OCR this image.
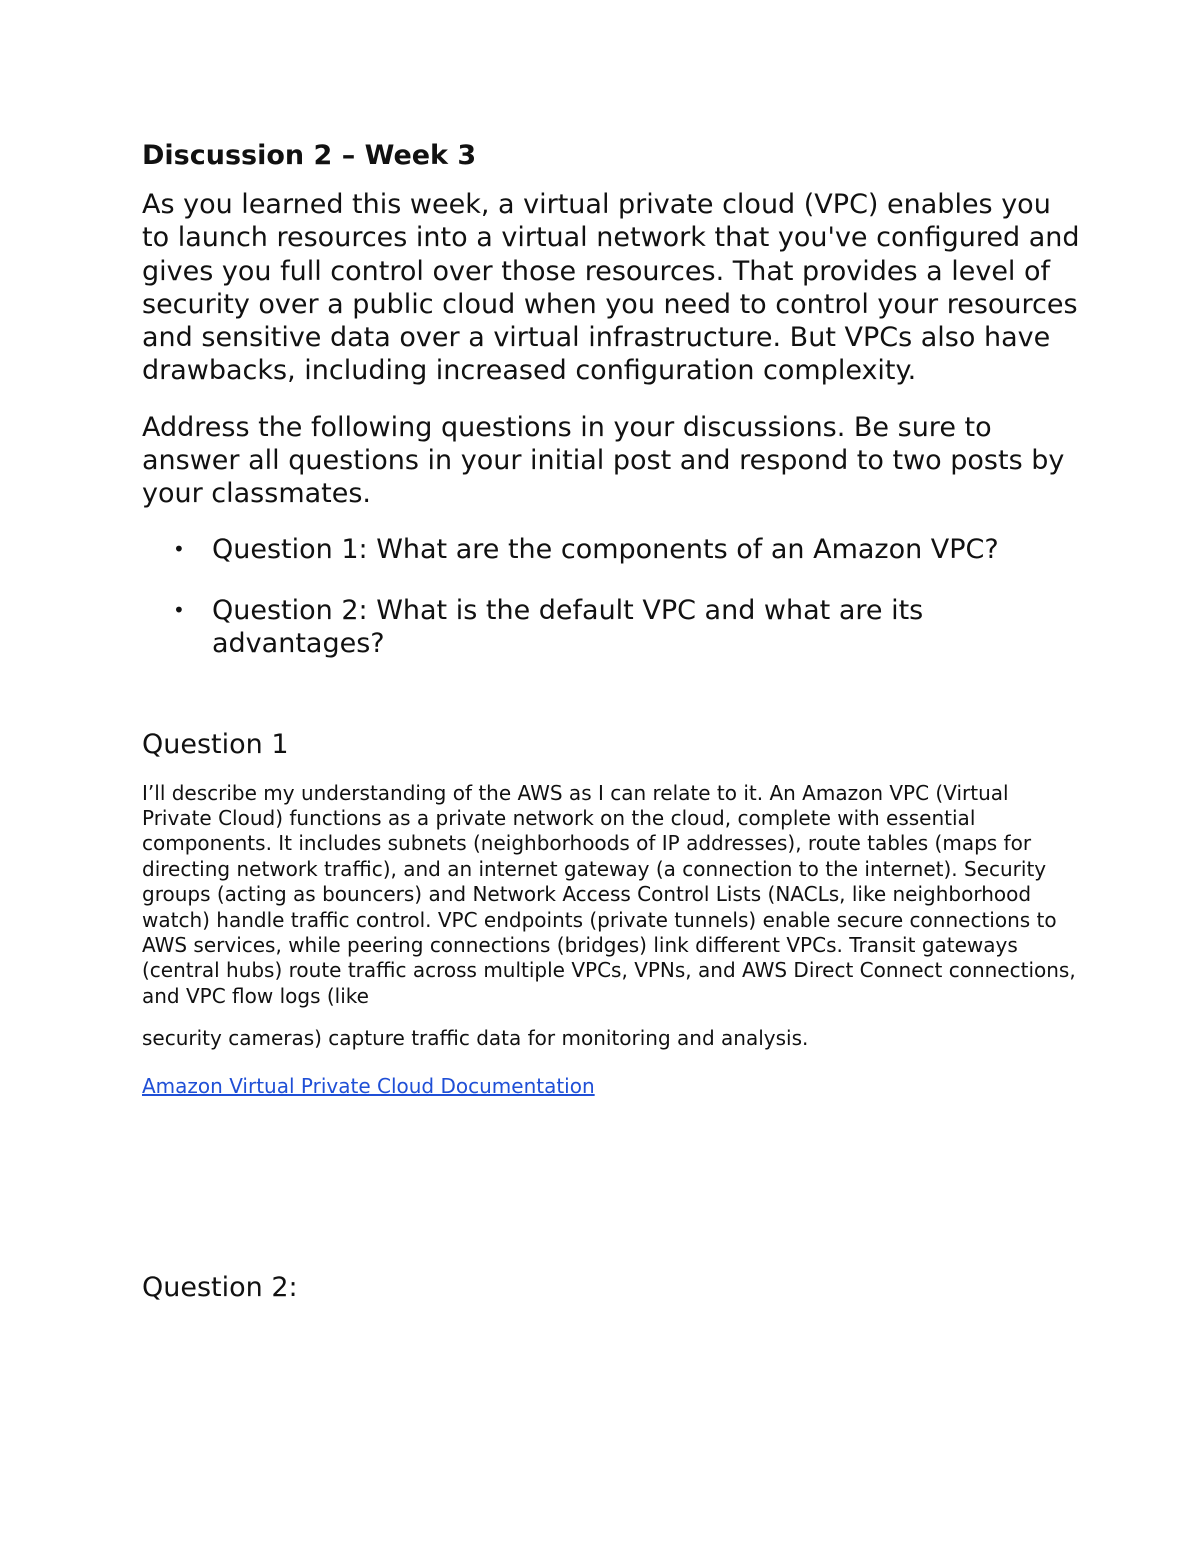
Discussion 2 – Week 3

As you learned this week, a virtual private cloud (VPC) enables you to launch resources into a virtual network that you've configured and gives you full control over those resources. That provides a level of security over a public cloud when you need to control your resources and sensitive data over a virtual infrastructure. But VPCs also have drawbacks, including increased configuration complexity.

Address the following questions in your discussions. Be sure to answer all questions in your initial post and respond to two posts by your classmates.

• Question 1: What are the components of an Amazon VPC?
• Question 2: What is the default VPC and what are its advantages?
Question 1

I’ll describe my understanding of the AWS as I can relate to it. An Amazon VPC (Virtual Private Cloud) functions as a private network on the cloud, complete with essential components. It includes subnets (neighborhoods of IP addresses), route tables (maps for directing network traffic), and an internet gateway (a connection to the internet). Security groups (acting as bouncers) and Network Access Control Lists (NACLs, like neighborhood watch) handle traffic control. VPC endpoints (private tunnels) enable secure connections to AWS services, while peering connections (bridges) link different VPCs. Transit gateways (central hubs) route traffic across multiple VPCs, VPNs, and AWS Direct Connect connections, and VPC flow logs (like

security cameras) capture traffic data for monitoring and analysis.

Amazon Virtual Private Cloud Documentation
Question 2:
